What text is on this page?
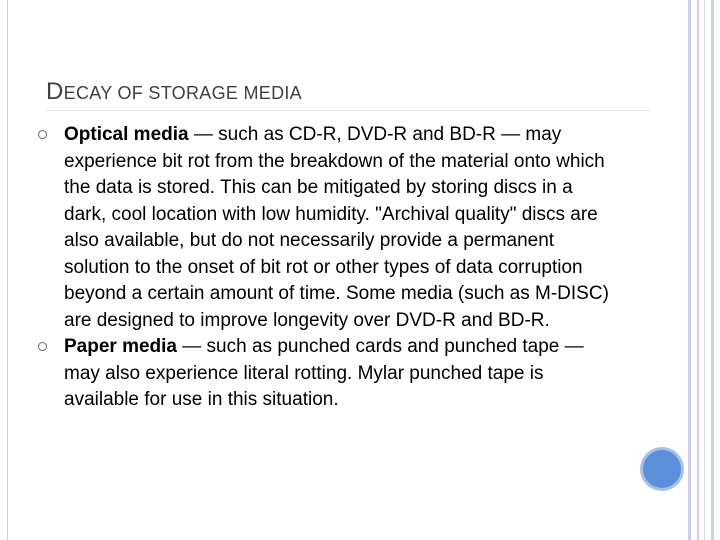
DECAY OF STORAGE MEDIA
Optical media — such as CD-R, DVD-R and BD-R — may experience bit rot from the breakdown of the material onto which the data is stored. This can be mitigated by storing discs in a dark, cool location with low humidity. "Archival quality" discs are also available, but do not necessarily provide a permanent solution to the onset of bit rot or other types of data corruption beyond a certain amount of time. Some media (such as M-DISC) are designed to improve longevity over DVD-R and BD-R.
Paper media — such as punched cards and punched tape — may also experience literal rotting. Mylar punched tape is available for use in this situation.
